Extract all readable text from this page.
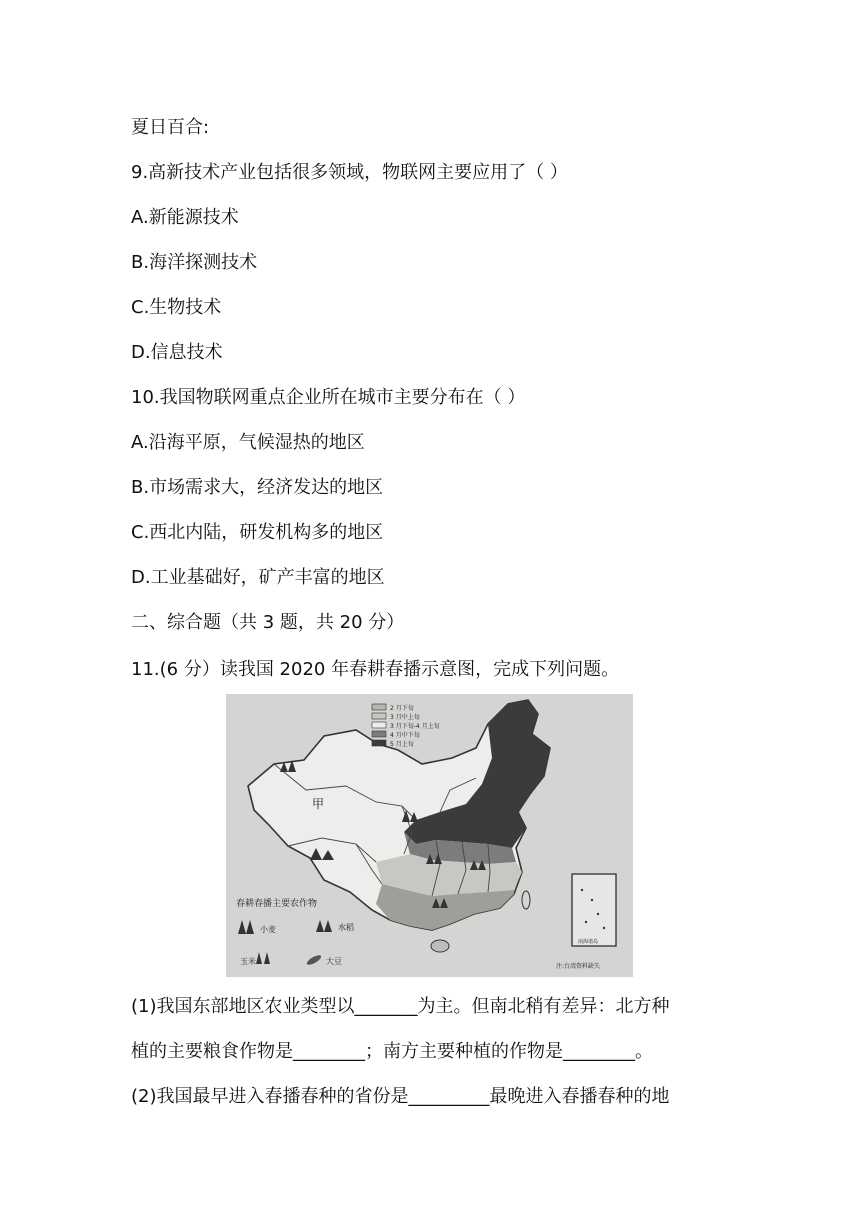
夏日百合:
9.高新技术产业包括很多领域，物联网主要应用了（ ）
A.新能源技术
B.海洋探测技术
C.生物技术
D.信息技术
10.我国物联网重点企业所在城市主要分布在（ ）
A.沿海平原，气候湿热的地区
B.市场需求大，经济发达的地区
C.西北内陆，研发机构多的地区
D.工业基础好，矿产丰富的地区
二、综合题（共 3 题，共 20 分）
11.(6 分）读我国 2020 年春耕春播示意图，完成下列问题。
甲
2 月下旬
3 月中上旬
3 月下旬-4 月上旬
4 月中下旬
5 月上旬
春耕春播主要农作物
小麦	水稻
玉米	大豆
南海诸岛
注:台湾资料缺失
(1)我国东部地区农业类型以_______为主。但南北稍有差异：北方种
植的主要粮食作物是________；南方主要种植的作物是________。
(2)我国最早进入春播春种的省份是_________最晚进入春播春种的地
